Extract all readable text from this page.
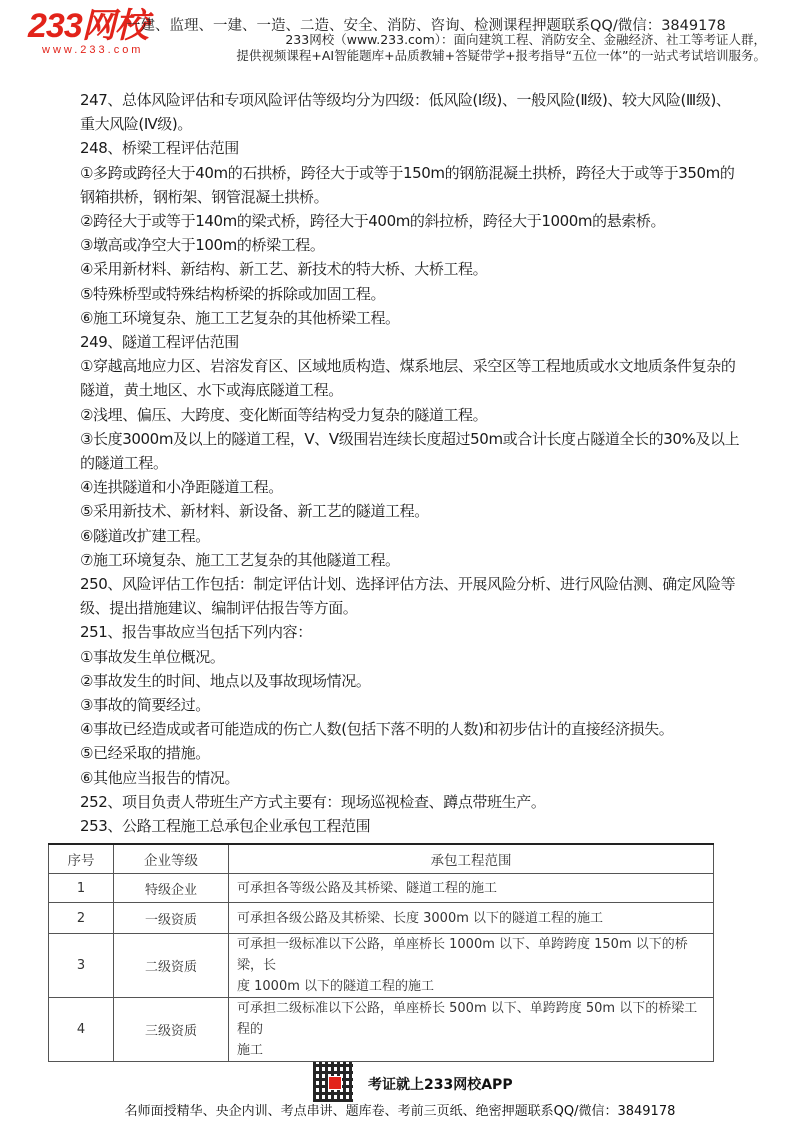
233网校
www.233.com
一建、监理、一建、一造、二造、安全、消防、咨询、检测课程押题联系QQ/微信：3849178
233网校（www.233.com）：面向建筑工程、消防安全、金融经济、社工等考证人群，
提供视频课程+AI智能题库+品质教辅+答疑带学+报考指导“五位一体”的一站式考试培训服务。
247、总体风险评估和专项风险评估等级均分为四级：低风险(Ⅰ级)、一般风险(Ⅱ级)、较大风险(Ⅲ级)、
重大风险(Ⅳ级)。
248、桥梁工程评估范围
①多跨或跨径大于40m的石拱桥，跨径大于或等于150m的钢筋混凝土拱桥，跨径大于或等于350m的
钢箱拱桥，钢桁架、钢管混凝土拱桥。
②跨径大于或等于140m的梁式桥，跨径大于400m的斜拉桥，跨径大于1000m的悬索桥。
③墩高或净空大于100m的桥梁工程。
④采用新材料、新结构、新工艺、新技术的特大桥、大桥工程。
⑤特殊桥型或特殊结构桥梁的拆除或加固工程。
⑥施工环境复杂、施工工艺复杂的其他桥梁工程。
249、隧道工程评估范围
①穿越高地应力区、岩溶发育区、区域地质构造、煤系地层、采空区等工程地质或水文地质条件复杂的
隧道，黄土地区、水下或海底隧道工程。
②浅埋、偏压、大跨度、变化断面等结构受力复杂的隧道工程。
③长度3000m及以上的隧道工程，Ⅴ、Ⅴ级围岩连续长度超过50m或合计长度占隧道全长的30%及以上
的隧道工程。
④连拱隧道和小净距隧道工程。
⑤采用新技术、新材料、新设备、新工艺的隧道工程。
⑥隧道改扩建工程。
⑦施工环境复杂、施工工艺复杂的其他隧道工程。
250、风险评估工作包括：制定评估计划、选择评估方法、开展风险分析、进行风险估测、确定风险等
级、提出措施建议、编制评估报告等方面。
251、报告事故应当包括下列内容：
①事故发生单位概况。
②事故发生的时间、地点以及事故现场情况。
③事故的简要经过。
④事故已经造成或者可能造成的伤亡人数(包括下落不明的人数)和初步估计的直接经济损失。
⑤已经采取的措施。
⑥其他应当报告的情况。
252、项目负责人带班生产方式主要有：现场巡视检查、蹲点带班生产。
253、公路工程施工总承包企业承包工程范围
序号	企业等级	承包工程范围
1	特级企业	可承担各等级公路及其桥梁、隧道工程的施工
2	一级资质	可承担各级公路及其桥梁、长度 3000m 以下的隧道工程的施工
3	二级资质	可承担一级标准以下公路，单座桥长 1000m 以下、单跨跨度 150m 以下的桥梁，长
度 1000m 以下的隧道工程的施工

4	三级资质	可承担二级标准以下公路，单座桥长 500m 以下、单跨跨度 50m 以下的桥梁工程的
施工
考证就上233网校APP
名师面授精华、央企内训、考点串讲、题库卷、考前三页纸、绝密押题联系QQ/微信：3849178
